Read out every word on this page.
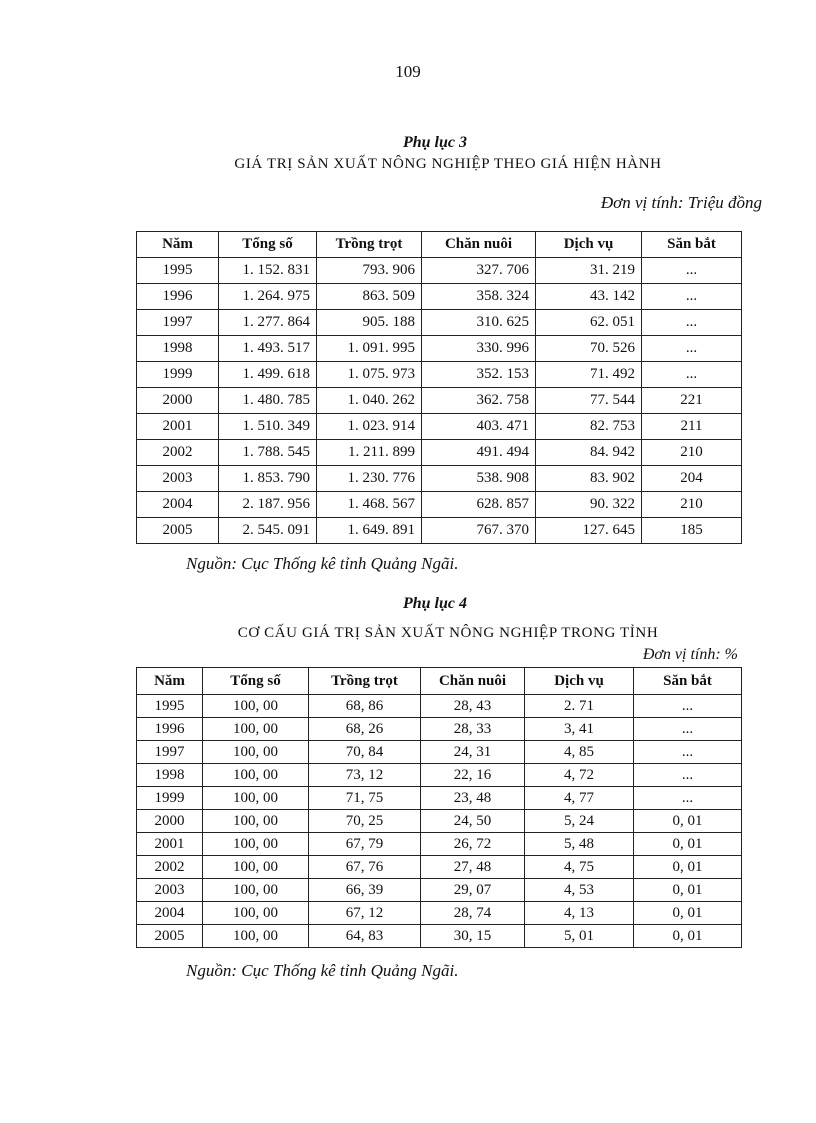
109
Phụ lục 3
GIÁ TRỊ SẢN XUẤT NÔNG NGHIỆP THEO GIÁ HIỆN HÀNH
Đơn vị tính: Triệu đồng
Năm	Tổng số	Trồng trọt	Chăn nuôi	Dịch vụ	Săn bắt
1995	1. 152. 831	793. 906	327. 706	31. 219	...
1996	1. 264. 975	863. 509	358. 324	43. 142	...
1997	1. 277. 864	905. 188	310. 625	62. 051	...
1998	1. 493. 517	1. 091. 995	330. 996	70. 526	...
1999	1. 499. 618	1. 075. 973	352. 153	71. 492	...
2000	1. 480. 785	1. 040. 262	362. 758	77. 544	221
2001	1. 510. 349	1. 023. 914	403. 471	82. 753	211
2002	1. 788. 545	1. 211. 899	491. 494	84. 942	210
2003	1. 853. 790	1. 230. 776	538. 908	83. 902	204
2004	2. 187. 956	1. 468. 567	628. 857	90. 322	210
2005	2. 545. 091	1. 649. 891	767. 370	127. 645	185
Nguồn: Cục Thống kê tỉnh Quảng Ngãi.
Phụ lục 4
CƠ CẤU GIÁ TRỊ SẢN XUẤT NÔNG NGHIỆP TRONG TỈNH
Đơn vị tính: %
Năm	Tổng số	Trồng trọt	Chăn nuôi	Dịch vụ	Săn bắt
1995	100, 00	68, 86	28, 43	2. 71	...
1996	100, 00	68, 26	28, 33	3, 41	...
1997	100, 00	70, 84	24, 31	4, 85	...
1998	100, 00	73, 12	22, 16	4, 72	...
1999	100, 00	71, 75	23, 48	4, 77	...
2000	100, 00	70, 25	24, 50	5, 24	0, 01
2001	100, 00	67, 79	26, 72	5, 48	0, 01
2002	100, 00	67, 76	27, 48	4, 75	0, 01
2003	100, 00	66, 39	29, 07	4, 53	0, 01
2004	100, 00	67, 12	28, 74	4, 13	0, 01
2005	100, 00	64, 83	30, 15	5, 01	0, 01
Nguồn: Cục Thống kê tỉnh Quảng Ngãi.
